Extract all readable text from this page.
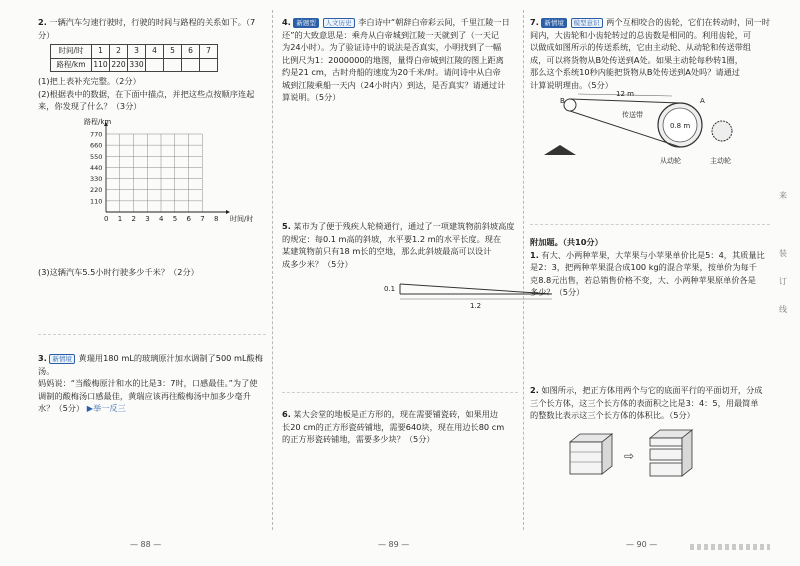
2. 一辆汽车匀速行驶时，行驶的时间与路程的关系如下。（7分）
时间/时	1	2	3	4	5	6	7
路程/km	110	220	330				
(1)把上表补充完整。（2分）
(2)根据表中的数据，在下面中描点，并把这些点按顺序连起
来，你发现了什么？（3分）
0 1 2 3 4 5 6 7 8
110
220
330
440
550
660
770
时间/时
路程/km
(3)这辆汽车5.5小时行驶多少千米？（2分）
3. 新情境 黄瑞用180 mL的玻璃原汁加水调制了500 mL酸梅汤。
妈妈说：“当酸梅原汁和水的比是3：7时，口感最佳。”为了使
调制的酸梅汤口感最佳，黄瑞应该再往酸梅汤中加多少毫升
水？（5分） ▶举一反三
— 88 —
4. 新题型 人文历史 李白诗中“朝辞白帝彩云间，千里江陵一日
还”的大致意思是：乘舟从白帝城到江陵一天就到了（一天记
为24小时）。为了验证诗中的说法是否真实，小明找到了一幅
比例尺为1：2000000的地图，量得白帝城到江陵的图上距离
约是21 cm，古时舟船的速度为20千米/时。请问诗中从白帝
城到江陵乘船一天内（24小时内）到达，是否真实？请通过计
算说明。（5分）
5. 某市为了便于残疾人轮椅通行，通过了一项建筑物前斜坡高度
的规定：每0.1 m高的斜坡，水平要1.2 m的水平长度。现在
某建筑物前只有18 m长的空地，那么此斜坡最高可以设计
成多少米？（5分）
0.1
1.2
6. 某大会堂的地板是正方形的，现在需要铺瓷砖，如果用边
长20 cm的正方形瓷砖铺地，需要640块，现在用边长80 cm
的正方形瓷砖铺地，需要多少块？（5分）
— 89 —
7. 新情境 模型意识 两个互相咬合的齿轮，它们在转动时，同一时
间内，大齿轮和小齿轮转过的总齿数是相同的。利用齿轮，可
以做成如图所示的传送系统，它由主动轮、从动轮和传送带组
成，可以将货物从B处传送到A处。如果主动轮每秒转1圈，
那么这个系统10秒内能把货物从B处传送到A处吗？请通过
计算说明理由。（5分）
B	A
12 m
传送带
0.8 m
从动轮	主动轮
附加题。（共10分）
1. 有大、小两种苹果，大苹果与小苹果单价比是5：4，其质量比
是2：3，把两种苹果混合成100 kg的混合苹果，按单价为每千
克8.8元出售，若总销售价格不变，大、小两种苹果原单价各是
多少？（5分）
2. 如图所示，把正方体用两个与它的底面平行的平面切开，分成
三个长方体，这三个长方体的表面积之比是3：4：5，用最简单
的整数比表示这三个长方体的体积比。（5分）
⇨
— 90 —
来
装
订
线
